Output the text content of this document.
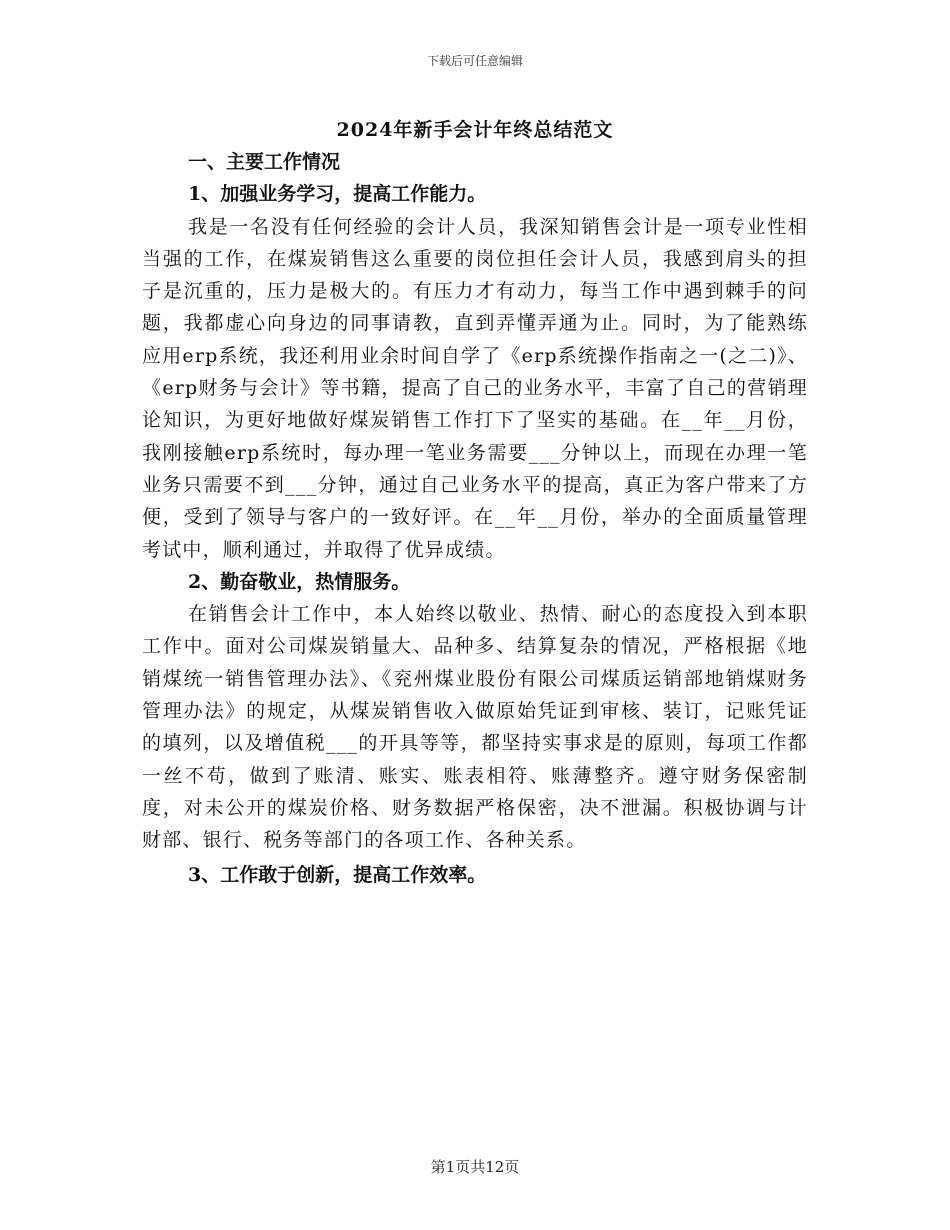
下载后可任意编辑
2024年新手会计年终总结范文

一、主要工作情况

1、加强业务学习，提高工作能力。

我是一名没有任何经验的会计人员，我深知销售会计是一项专业性相当强的工作，在煤炭销售这么重要的岗位担任会计人员，我感到肩头的担子是沉重的，压力是极大的。有压力才有动力，每当工作中遇到棘手的问题，我都虚心向身边的同事请教，直到弄懂弄通为止。同时，为了能熟练应用erp系统，我还利用业余时间自学了《erp系统操作指南之一(之二)》、《erp财务与会计》等书籍，提高了自己的业务水平，丰富了自己的营销理论知识，为更好地做好煤炭销售工作打下了坚实的基础。在__年__月份，我刚接触erp系统时，每办理一笔业务需要___分钟以上，而现在办理一笔业务只需要不到___分钟，通过自己业务水平的提高，真正为客户带来了方便，受到了领导与客户的一致好评。在__年__月份，举办的全面质量管理考试中，顺利通过，并取得了优异成绩。

2、勤奋敬业，热情服务。

在销售会计工作中，本人始终以敬业、热情、耐心的态度投入到本职工作中。面对公司煤炭销量大、品种多、结算复杂的情况，严格根据《地销煤统一销售管理办法》、《兖州煤业股份有限公司煤质运销部地销煤财务管理办法》的规定，从煤炭销售收入做原始凭证到审核、装订，记账凭证的填列，以及增值税___的开具等等，都坚持实事求是的原则，每项工作都一丝不苟，做到了账清、账实、账表相符、账薄整齐。遵守财务保密制度，对未公开的煤炭价格、财务数据严格保密，决不泄漏。积极协调与计财部、银行、税务等部门的各项工作、各种关系。

3、工作敢于创新，提高工作效率。

第1页共12页
